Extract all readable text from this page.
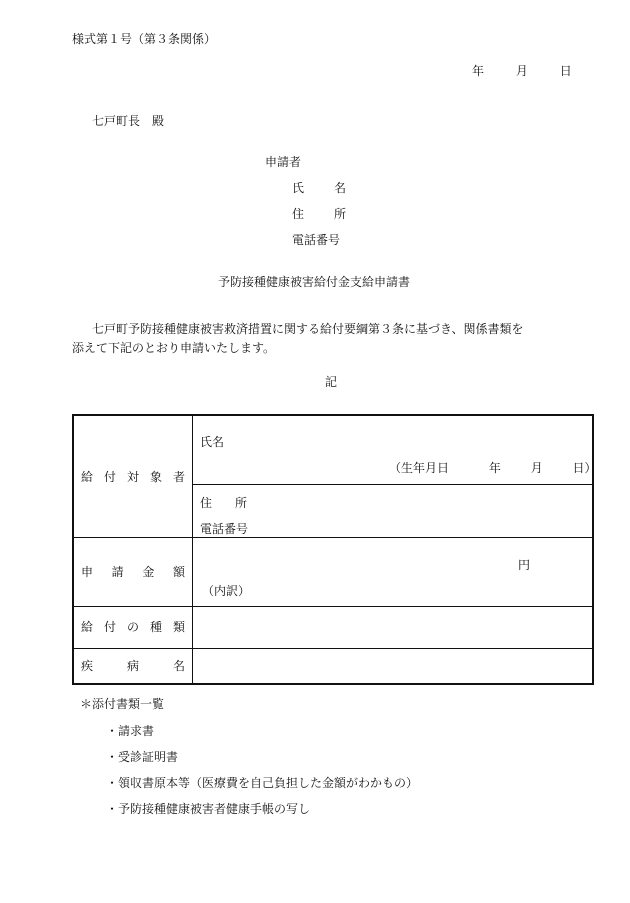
様式第１号（第３条関係）
年	月	日
七戸町長　殿
申請者
氏 名
住 所
電話番号
予防接種健康被害給付金支給申請書
七戸町予防接種健康被害救済措置に関する給付要綱第３条に基づき、関係書類を
添えて下記のとおり申請いたします。
記
給 付 対 象 者
氏名
（生年月日	年 月 日）
住 所
電話番号
申 請 金 額	円
（内訳）
給 付 の 種 類
疾	病	名
＊添付書類一覧
・請求書
・受診証明書
・領収書原本等（医療費を自己負担した金額がわかもの）
・予防接種健康被害者健康手帳の写し
